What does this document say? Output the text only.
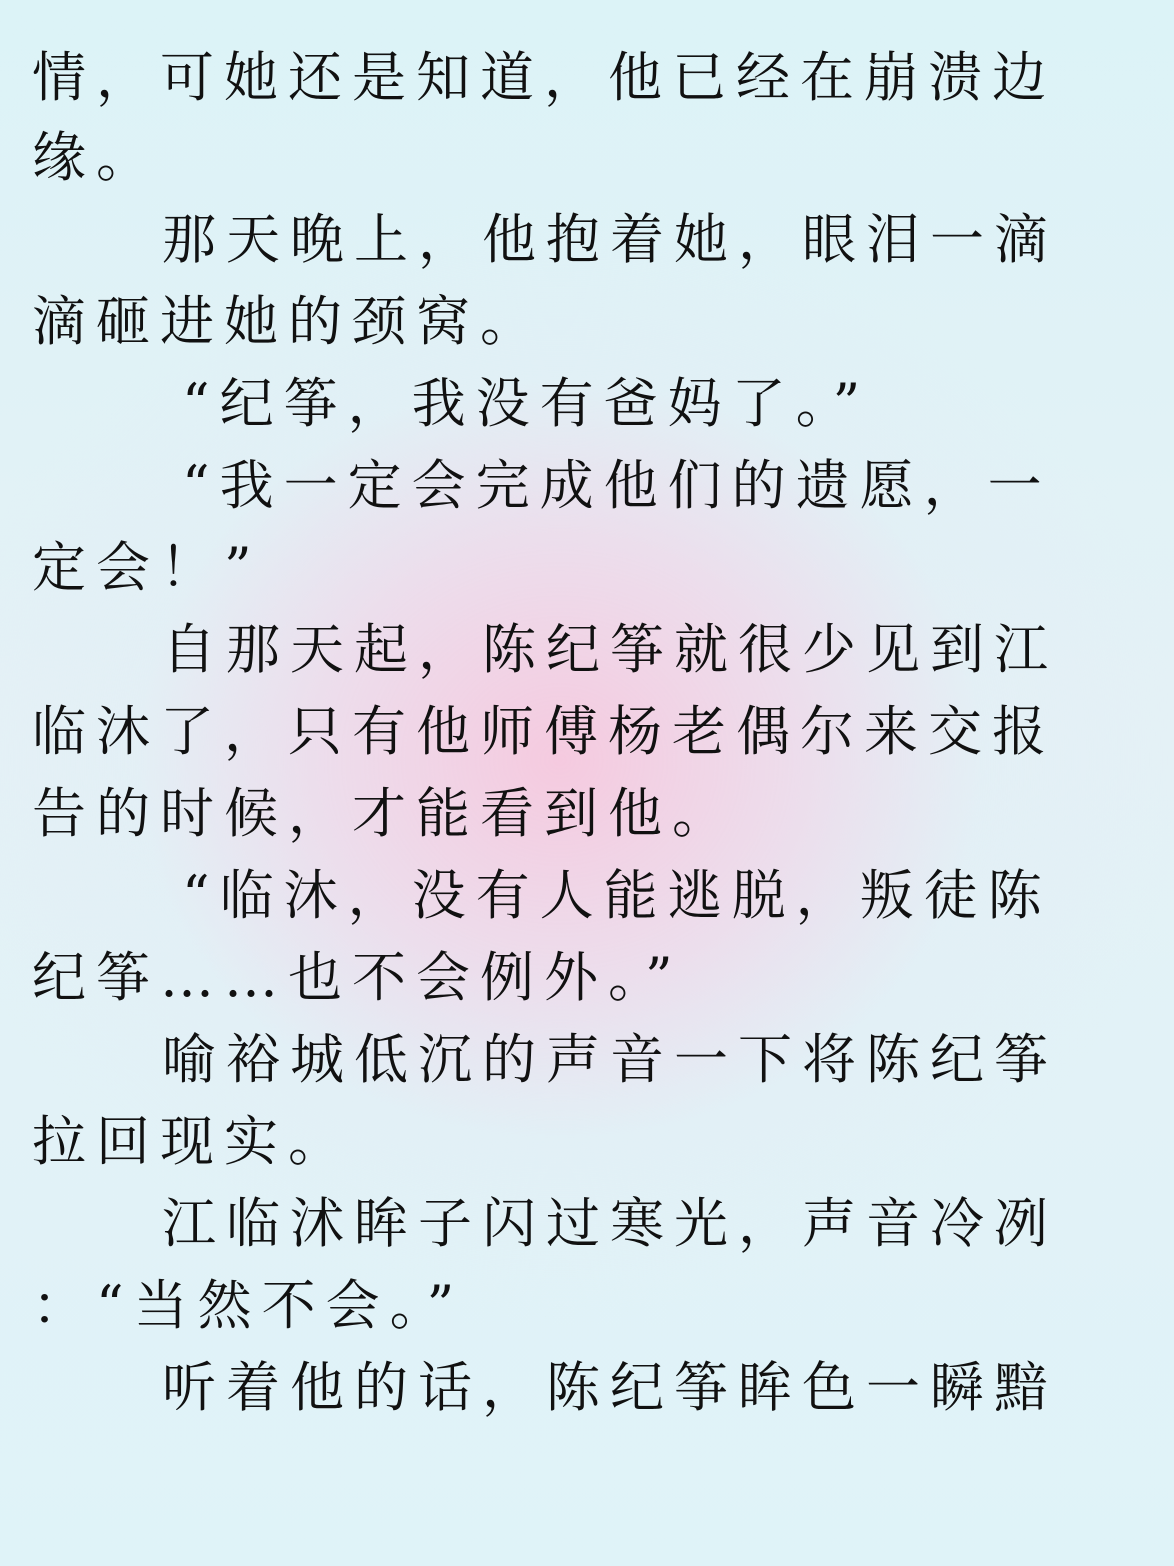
情，可她还是知道，他已经在崩溃边
缘。
那天晚上，他抱着她，眼泪一滴
滴砸进她的颈窝。
“纪筝，我没有爸妈了。”
“我一定会完成他们的遗愿，一
定会！”
自那天起，陈纪筝就很少见到江
临沐了，只有他师傅杨老偶尔来交报
告的时候，才能看到他。
“临沐，没有人能逃脱，叛徒陈
纪筝……也不会例外。”
喻裕城低沉的声音一下将陈纪筝
拉回现实。
江临沭眸子闪过寒光，声音冷冽
：“当然不会。”
听着他的话，陈纪筝眸色一瞬黯
